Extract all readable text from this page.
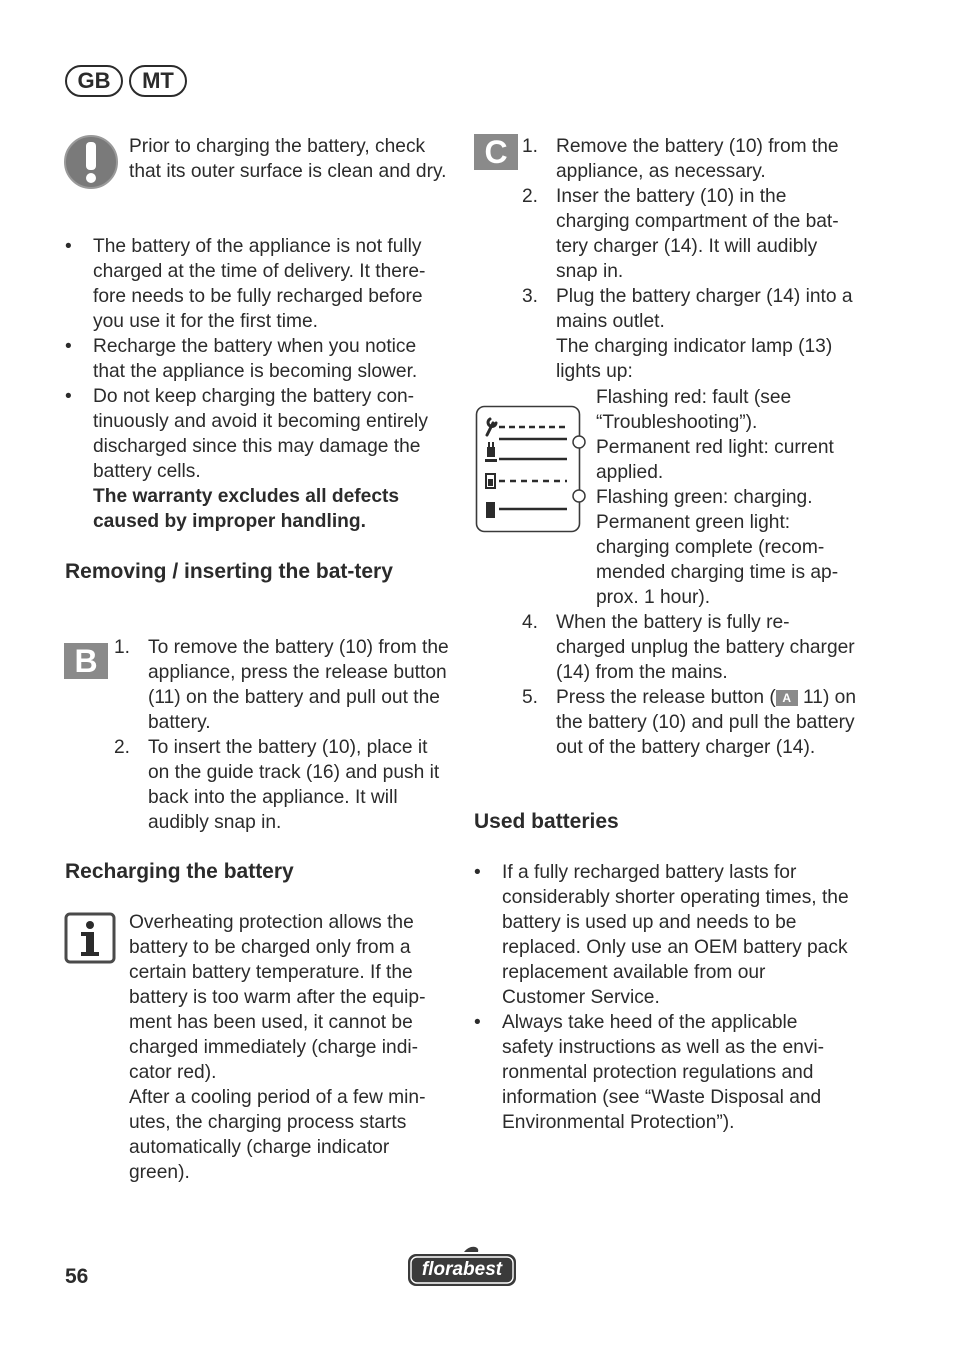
GB	MT
Prior to charging the battery, check that its outer surface is clean and dry.
• The battery of the appliance is not fully charged at the time of delivery. It there-fore needs to be fully recharged before you use it for the first time.
• Recharge the battery when you notice that the appliance is becoming slower.
• Do not keep charging the battery con-tinuously and avoid it becoming entirely discharged since this may damage the battery cells.
The warranty excludes all defects caused by improper handling.
Removing / inserting the bat-tery
B 1. To remove the battery (10) from the appliance, press the release button (11) on the battery and pull out the battery.
2. To insert the battery (10), place it on the guide track (16) and push it back into the appliance. It will audibly snap in.
Recharging the battery
Overheating protection allows the battery to be charged only from a certain battery temperature. If the battery is too warm after the equip-ment has been used, it cannot be charged immediately (charge indi-cator red).
After a cooling period of a few min-utes, the charging process starts automatically (charge indicator green).
C 1. Remove the battery (10) from the appliance, as necessary.
2. Inser the battery (10) in the charging compartment of the bat-tery charger (14). It will audibly snap in.
3. Plug the battery charger (14) into a mains outlet.
The charging indicator lamp (13) lights up:
Flashing red: fault (see “Troubleshooting”).
Permanent red light: current applied.
Flashing green: charging.
Permanent green light: charging complete (recom-mended charging time is ap-prox. 1 hour).
4. When the battery is fully re-charged unplug the battery charger (14) from the mains.
5. Press the release button ( A 11) on the battery (10) and pull the battery out of the battery charger (14).
Used batteries
• If a fully recharged battery lasts for considerably shorter operating times, the battery is used up and needs to be replaced. Only use an OEM battery pack replacement available from our Customer Service.
• Always take heed of the applicable safety instructions as well as the envi-ronmental protection regulations and information (see “Waste Disposal and Environmental Protection”).
56	florabest
